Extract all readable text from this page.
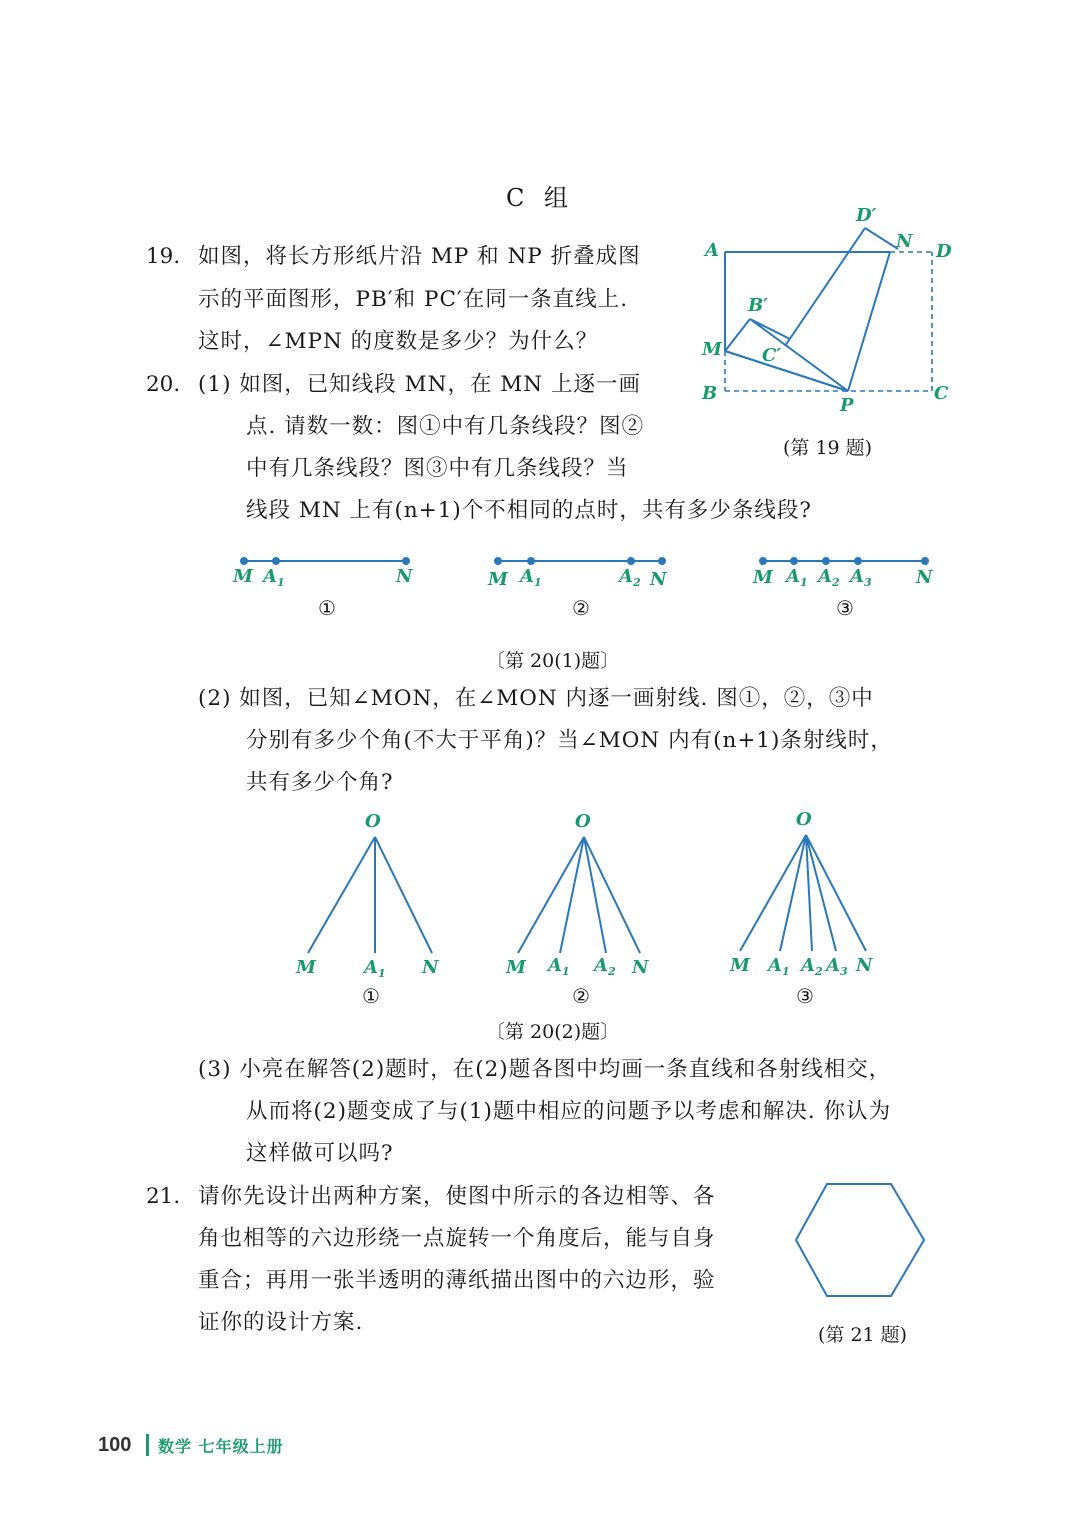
C 组
19. 如图，将长方形纸片沿 MP 和 NP 折叠成图
示的平面图形，PB′和 PC′在同一条直线上.
这时，∠MPN 的度数是多少？为什么？
A	D
D′
N
B′
M C′
B
P
C
(第 19 题)
20. (1) 如图，已知线段 MN，在 MN 上逐一画
点. 请数一数：图①中有几条线段？图②
中有几条线段？图③中有几条线段？当
线段 MN 上有(n+1)个不相同的点时，共有多少条线段?
M A 1	N
①
M A 1	A 2 N
②
M A 1 A 2 A 3 N
③
〔第 20(1)题〕
(2) 如图，已知∠MON，在∠MON 内逐一画射线. 图①，②，③中
分别有多少个角(不大于平角)？当∠MON 内有(n+1)条射线时，
共有多少个角?
O
M	A 1 N
①
O
M A 1 A 2 N
②
O
M A 1 A 2 A 3 N
③
〔第 20(2)题〕
(3) 小亮在解答(2)题时，在(2)题各图中均画一条直线和各射线相交，
从而将(2)题变成了与(1)题中相应的问题予以考虑和解决. 你认为
这样做可以吗?
21. 请你先设计出两种方案，使图中所示的各边相等、各
角也相等的六边形绕一点旋转一个角度后，能与自身
重合；再用一张半透明的薄纸描出图中的六边形，验
证你的设计方案.	(第 21 题)
100 数学 七年级上册
